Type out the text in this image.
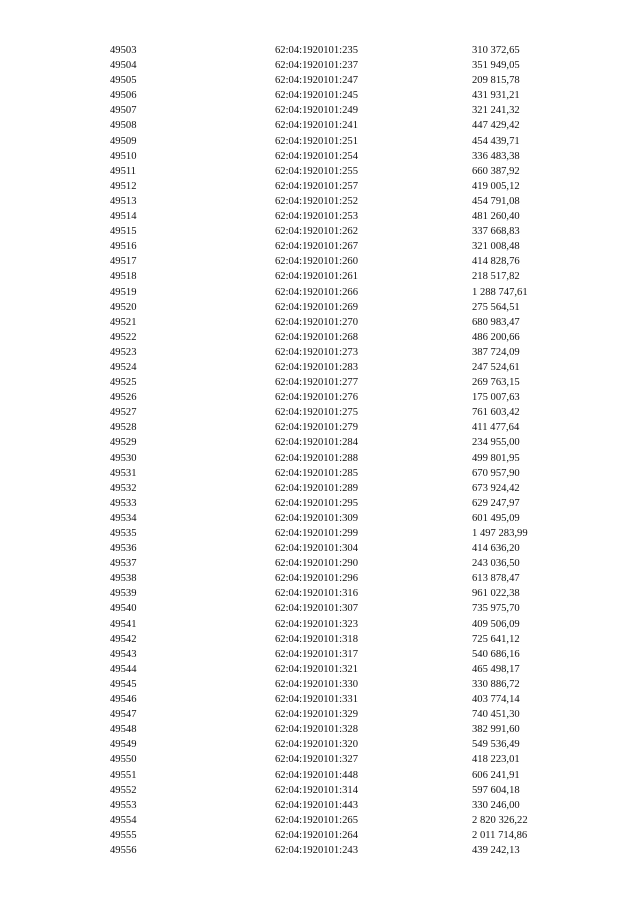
49503	62:04:1920101:235	310 372,65
49504	62:04:1920101:237	351 949,05
49505	62:04:1920101:247	209 815,78
49506	62:04:1920101:245	431 931,21
49507	62:04:1920101:249	321 241,32
49508	62:04:1920101:241	447 429,42
49509	62:04:1920101:251	454 439,71
49510	62:04:1920101:254	336 483,38
49511	62:04:1920101:255	660 387,92
49512	62:04:1920101:257	419 005,12
49513	62:04:1920101:252	454 791,08
49514	62:04:1920101:253	481 260,40
49515	62:04:1920101:262	337 668,83
49516	62:04:1920101:267	321 008,48
49517	62:04:1920101:260	414 828,76
49518	62:04:1920101:261	218 517,82
49519	62:04:1920101:266	1 288 747,61
49520	62:04:1920101:269	275 564,51
49521	62:04:1920101:270	680 983,47
49522	62:04:1920101:268	486 200,66
49523	62:04:1920101:273	387 724,09
49524	62:04:1920101:283	247 524,61
49525	62:04:1920101:277	269 763,15
49526	62:04:1920101:276	175 007,63
49527	62:04:1920101:275	761 603,42
49528	62:04:1920101:279	411 477,64
49529	62:04:1920101:284	234 955,00
49530	62:04:1920101:288	499 801,95
49531	62:04:1920101:285	670 957,90
49532	62:04:1920101:289	673 924,42
49533	62:04:1920101:295	629 247,97
49534	62:04:1920101:309	601 495,09
49535	62:04:1920101:299	1 497 283,99
49536	62:04:1920101:304	414 636,20
49537	62:04:1920101:290	243 036,50
49538	62:04:1920101:296	613 878,47
49539	62:04:1920101:316	961 022,38
49540	62:04:1920101:307	735 975,70
49541	62:04:1920101:323	409 506,09
49542	62:04:1920101:318	725 641,12
49543	62:04:1920101:317	540 686,16
49544	62:04:1920101:321	465 498,17
49545	62:04:1920101:330	330 886,72
49546	62:04:1920101:331	403 774,14
49547	62:04:1920101:329	740 451,30
49548	62:04:1920101:328	382 991,60
49549	62:04:1920101:320	549 536,49
49550	62:04:1920101:327	418 223,01
49551	62:04:1920101:448	606 241,91
49552	62:04:1920101:314	597 604,18
49553	62:04:1920101:443	330 246,00
49554	62:04:1920101:265	2 820 326,22
49555	62:04:1920101:264	2 011 714,86
49556	62:04:1920101:243	439 242,13
